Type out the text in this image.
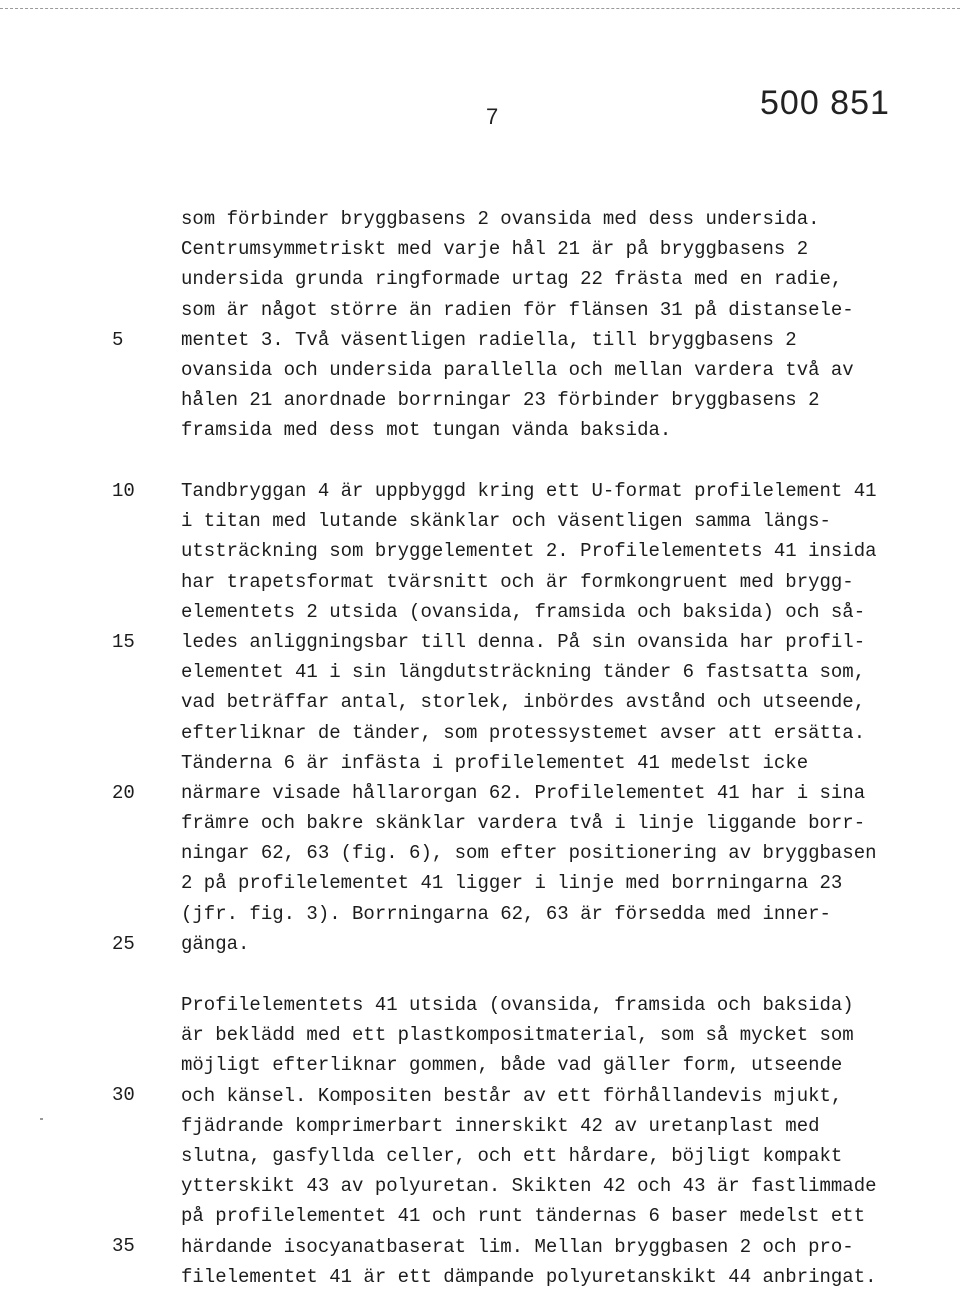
7	500 851
som förbinder bryggbasens 2 ovansida med dess undersida.
Centrumsymmetriskt med varje hål 21 är på bryggbasens 2
undersida grunda ringformade urtag 22 frästa med en radie,
som är något större än radien för flänsen 31 på distansele-
mentet 3. Två väsentligen radiella, till bryggbasens 2
ovansida och undersida parallella och mellan vardera två av
hålen 21 anordnade borrningar 23 förbinder bryggbasens 2
framsida med dess mot tungan vända baksida.
Tandbryggan 4 är uppbyggd kring ett U-format profilelement 41
i titan med lutande skänklar och väsentligen samma längs-
utsträckning som bryggelementet 2. Profilelementets 41 insida
har trapetsformat tvärsnitt och är formkongruent med brygg-
elementets 2 utsida (ovansida, framsida och baksida) och så-
ledes anliggningsbar till denna. På sin ovansida har profil-
elementet 41 i sin längdutsträckning tänder 6 fastsatta som,
vad beträffar antal, storlek, inbördes avstånd och utseende,
efterliknar de tänder, som protessystemet avser att ersätta.
Tänderna 6 är infästa i profilelementet 41 medelst icke
närmare visade hållarorgan 62. Profilelementet 41 har i sina
främre och bakre skänklar vardera två i linje liggande borr-
ningar 62, 63 (fig. 6), som efter positionering av bryggbasen
2 på profilelementet 41 ligger i linje med borrningarna 23
(jfr. fig. 3). Borrningarna 62, 63 är försedda med inner-
gänga.
Profilelementets 41 utsida (ovansida, framsida och baksida)
är beklädd med ett plastkompositmaterial, som så mycket som
möjligt efterliknar gommen, både vad gäller form, utseende
och känsel. Kompositen består av ett förhållandevis mjukt,
fjädrande komprimerbart innerskikt 42 av uretanplast med
slutna, gasfyllda celler, och ett hårdare, böjligt kompakt
ytterskikt 43 av polyuretan. Skikten 42 och 43 är fastlimmade
på profilelementet 41 och runt tändernas 6 baser medelst ett
härdande isocyanatbaserat lim. Mellan bryggbasen 2 och pro-
filelementet 41 är ett dämpande polyuretanskikt 44 anbringat.
5
10
15
20
25
30
35
